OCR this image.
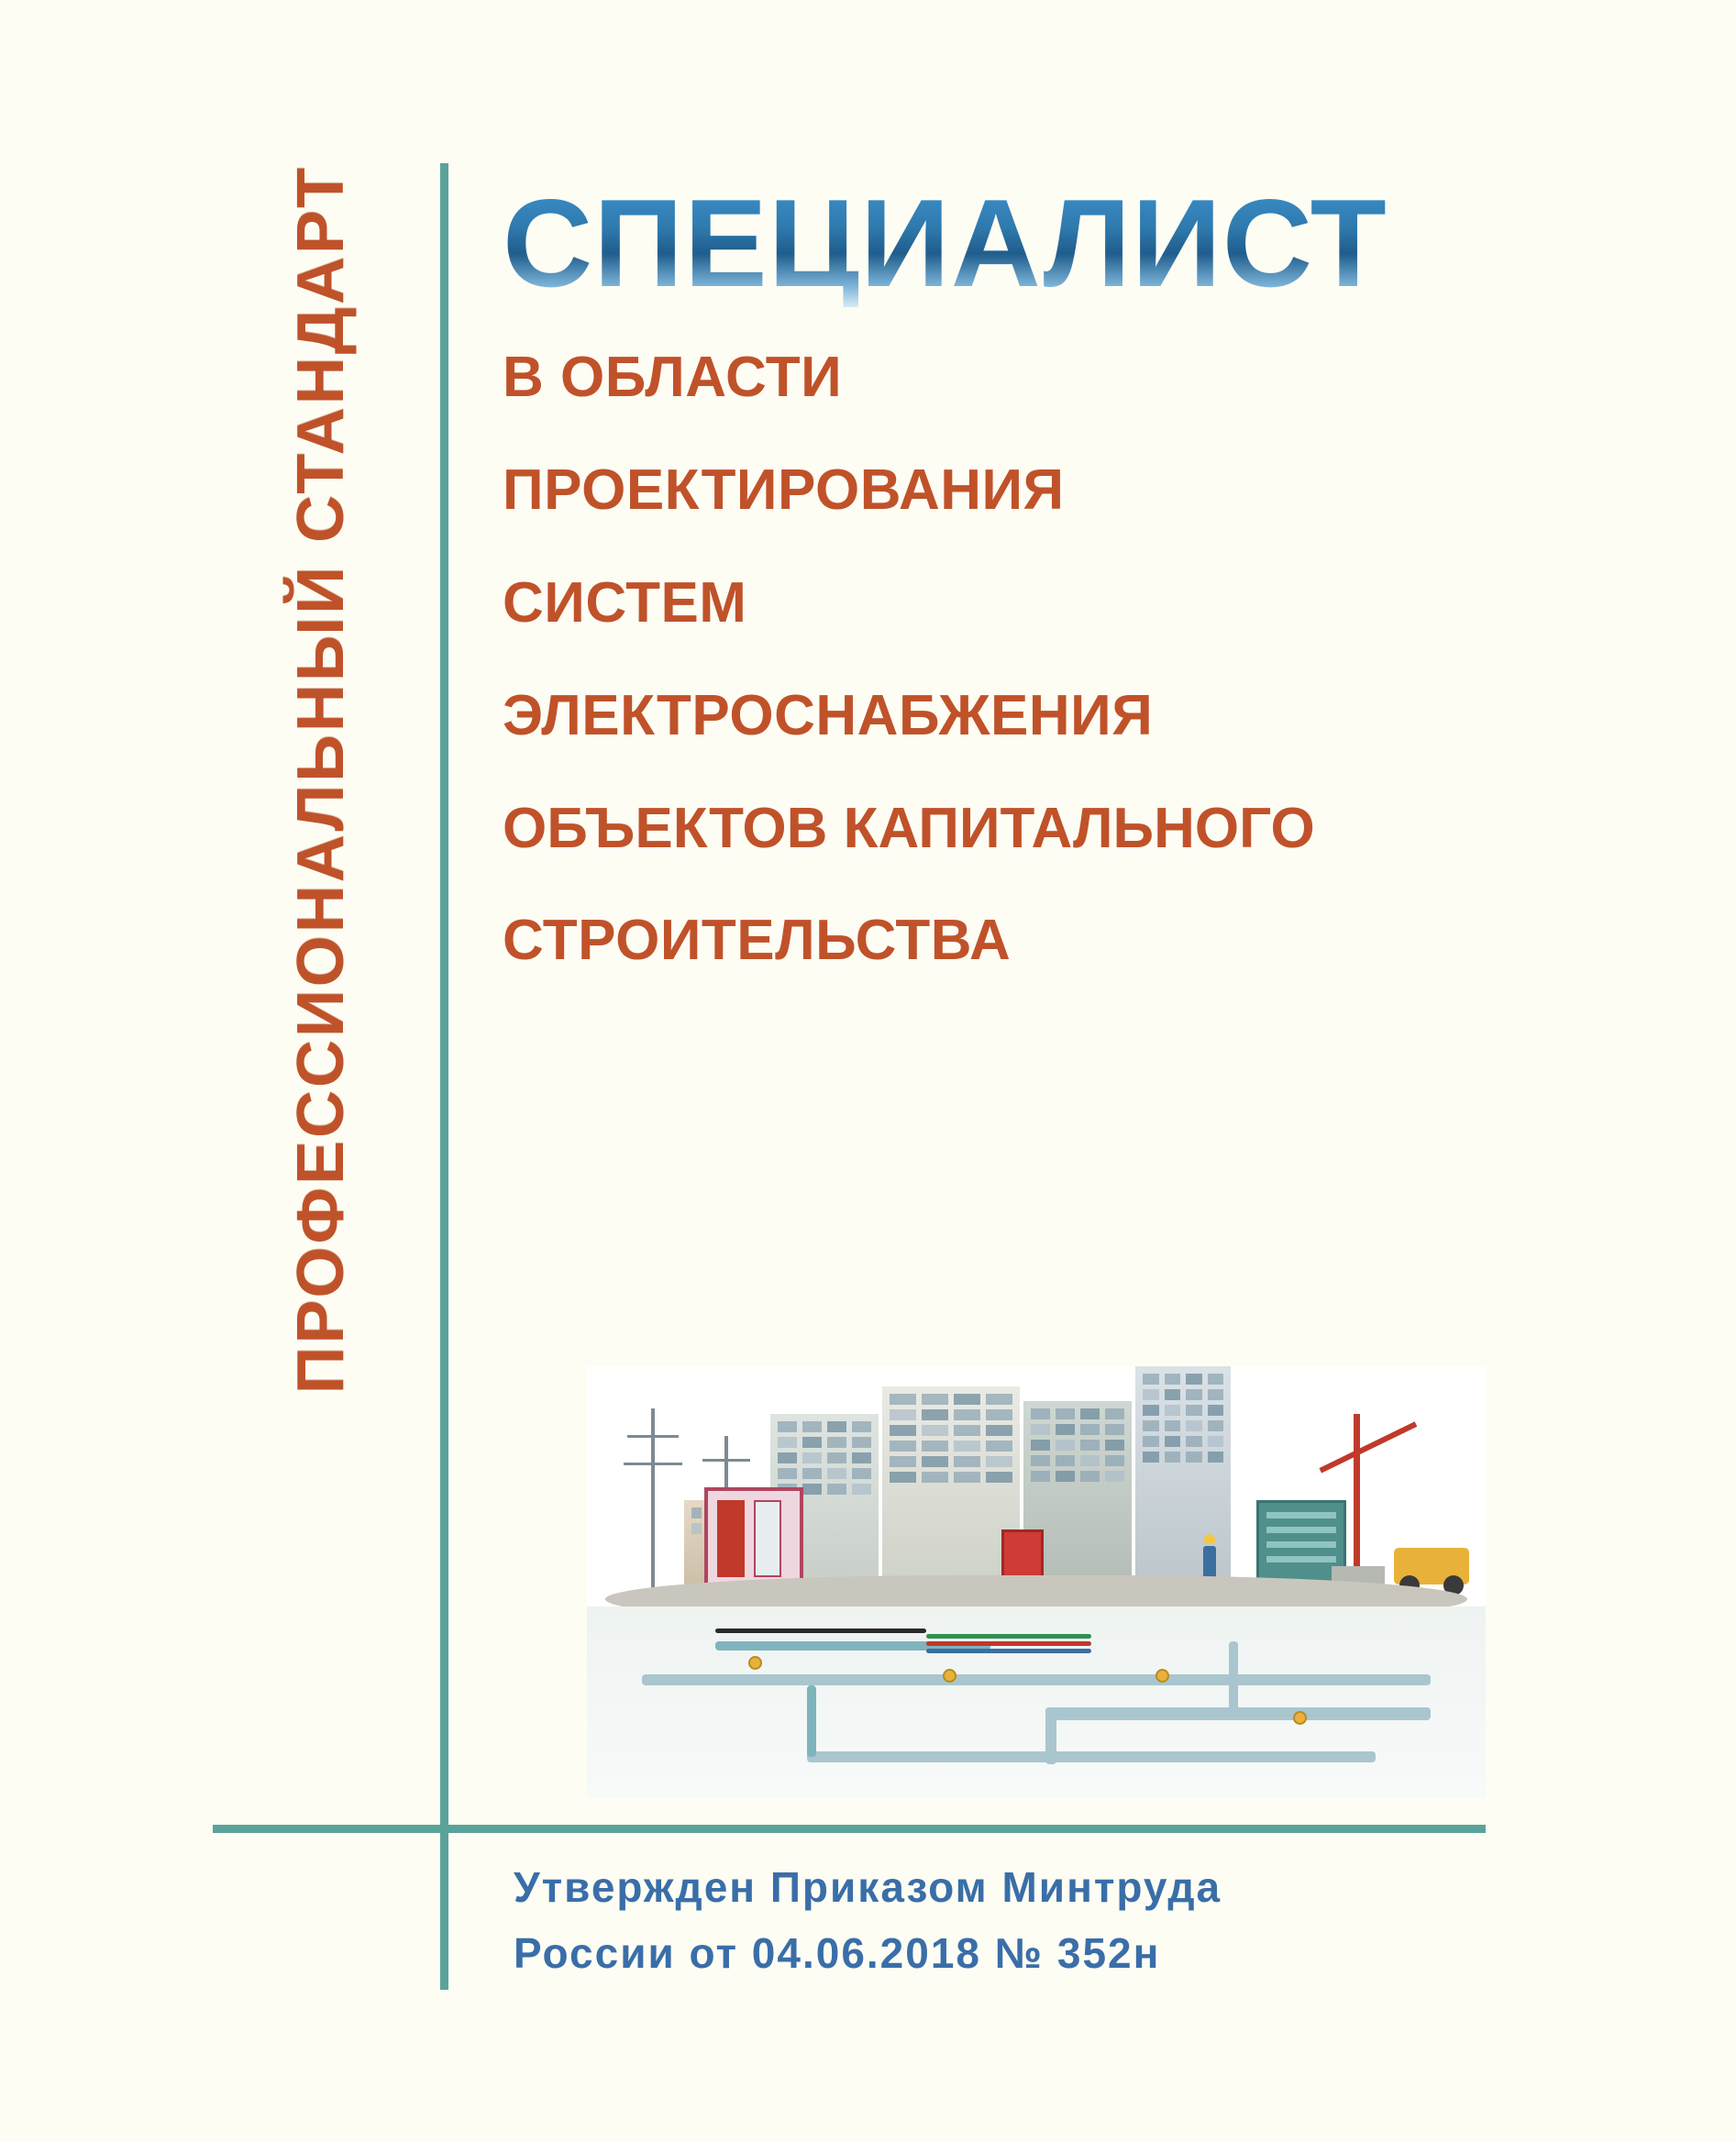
ПРОФЕССИОНАЛЬНЫЙ СТАНДАРТ СПЕЦИАЛИСТ
В ОБЛАСТИ
ПРОЕКТИРОВАНИЯ
СИСТЕМ
ЭЛЕКТРОСНАБЖЕНИЯ
ОБЪЕКТОВ КАПИТАЛЬНОГО
СТРОИТЕЛЬСТВА

Утвержден Приказом Минтруда

России от 04.06.2018 № 352н
